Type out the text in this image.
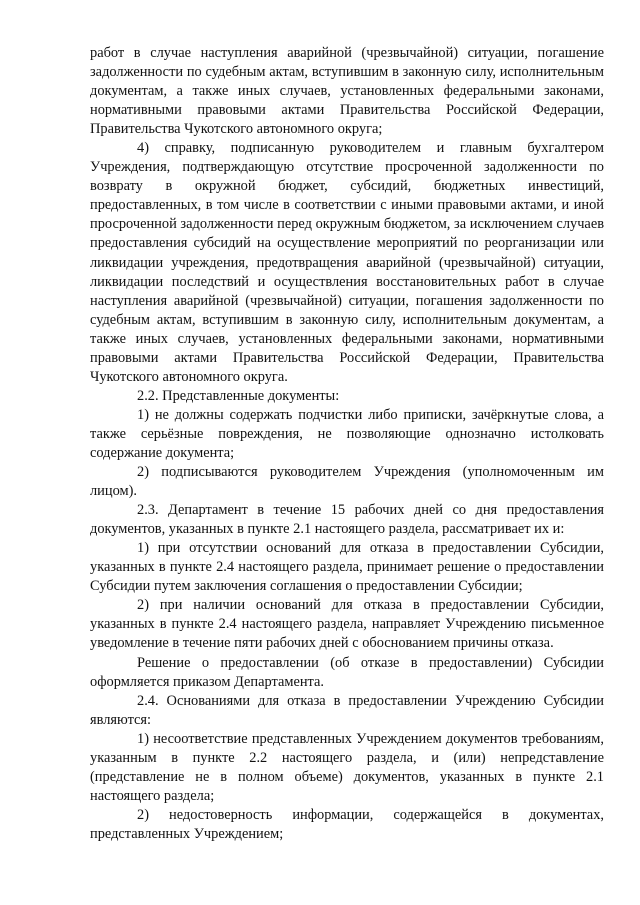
работ в случае наступления аварийной (чрезвычайной) ситуации, погашение задолженности по судебным актам, вступившим в законную силу, исполнительным документам, а также иных случаев, установленных федеральными законами, нормативными правовыми актами Правительства Российской Федерации, Правительства Чукотского автономного округа;

4) справку, подписанную руководителем и главным бухгалтером Учреждения, подтверждающую отсутствие просроченной задолженности по возврату в окружной бюджет, субсидий, бюджетных инвестиций, предоставленных, в том числе в соответствии с иными правовыми актами, и иной просроченной задолженности перед окружным бюджетом, за исключением случаев предоставления субсидий на осуществление мероприятий по реорганизации или ликвидации учреждения, предотвращения аварийной (чрезвычайной) ситуации, ликвидации последствий и осуществления восстановительных работ в случае наступления аварийной (чрезвычайной) ситуации, погашения задолженности по судебным актам, вступившим в законную силу, исполнительным документам, а также иных случаев, установленных федеральными законами, нормативными правовыми актами Правительства Российской Федерации, Правительства Чукотского автономного округа.

2.2. Представленные документы:

1) не должны содержать подчистки либо приписки, зачёркнутые слова, а также серьёзные повреждения, не позволяющие однозначно истолковать содержание документа;

2) подписываются руководителем Учреждения (уполномоченным им лицом).

2.3. Департамент в течение 15 рабочих дней со дня предоставления документов, указанных в пункте 2.1 настоящего раздела, рассматривает их и:

1) при отсутствии оснований для отказа в предоставлении Субсидии, указанных в пункте 2.4 настоящего раздела, принимает решение о предоставлении Субсидии путем заключения соглашения о предоставлении Субсидии;

2) при наличии оснований для отказа в предоставлении Субсидии, указанных в пункте 2.4 настоящего раздела, направляет Учреждению письменное уведомление в течение пяти рабочих дней с обоснованием причины отказа.

Решение о предоставлении (об отказе в предоставлении) Субсидии оформляется приказом Департамента.

2.4. Основаниями для отказа в предоставлении Учреждению Субсидии являются:

1) несоответствие представленных Учреждением документов требованиям, указанным в пункте 2.2 настоящего раздела, и (или) непредставление (представление не в полном объеме) документов, указанных в пункте 2.1 настоящего раздела;

2) недостоверность информации, содержащейся в документах, представленных Учреждением;
